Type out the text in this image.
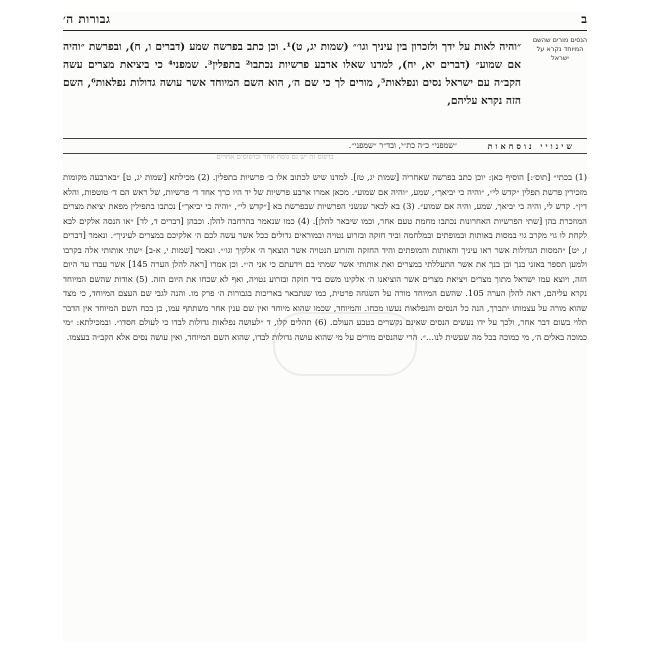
ב
גבורות ה׳
הנסים מורים שהשם המיוחד נקרא על ישראל

״והיה לאות על ידך ולזכרון בין עיניך וגו׳״ (שמות יג, ט)¹. וכן כתב בפרשה שמע (דברים ו, ח), ובפרשת ״והיה אם שמוע״ (דברים יא, יח), למדנו שאלו ארבע פרשיות נכתבו² בתפלין³. שמפני⁴ כי ביציאת מצרים עשה הקב״ה עם ישראל נסים ונפלאות⁵, מורים לך כי שם ה׳, הוא השם המיוחד אשר עושה גדולות נפלאות⁶, השם הזה נקרא עליהם,

שינויי נוסחאות
״שמפני״ כ״ה כת״י, ובד״ר ״שמפני״.
בדפוס זה יש גם נוסח אחר ובדפוסים אחרים

(1) בכתי״ [תוס׳:] הוסיף כאן: יוכן כתב בפרשה שאחריה [שמות יג, טז]. למדנו שיש לכתוב אלו ב׳ פרשיות בתפלין. (2) מכילתא [שמות יג, ט] ״בארבעה מקומות מזכירין פרשת תפלין ״קדש לי״, ״והיה כי יביאך״, שמע, ״והיה אם שמוע״. מכאן אמרו ארבע פרשיות של יד היו כרך אחד ד׳ פרשיות, של ראש הם ד׳ טוטפות, והלא דין״. קדש לי, והיה כי יביאך, שמע, והיה אם שמוע״. (3) בא לבאר שנשני הפרשיות שבפרשת בא [״קדש לי״, ״והיה כי יביאך״] נכתבו בתפילין מפאת יציאת מצרים המוזכרת בהן [שתי הפרשיות האחרונות נכתבו מחמת טעם אחר, וכמו שיבאר להלן]. (4) כמו שנאמר בהרחבה להלן. וכבהן [דברים ד, לד] ״או הנסה אלקים לבא לקחת לו גוי מקרב גוי במסות באותות ובמופתים ובמלחמה וביד חזקה ובזרוע נטויה ובמוראים גדולים ככל אשר עשה לכם ה׳ אלקיכם במצרים לעיניך״. ונאמר [דברים ז, יט] ״המסות הגדולות אשר ראו עיניך והאותות והמופתים והיד החזקה והזרוע הנטויה אשר הוצאך ה׳ אלקיך וגו׳״. ונאמר [שמות י, א-ב] ״שתי אותותי אלה בקרבו ולמען תספר באזני בנך ובן בנך את אשר התעללתי במצרים ואת אותותי אשר שמתי בם וידעתם כי אני ה׳״. וכן אמרו [ראה להלן הערה 145] אשר עבדו עד היום הזה, ויוצא עמו ישראל מתוך מצרים ויציאת מצרים אשר הוציאנו ה׳ אלקינו משם ביד חזקה ובזרוע נטויה, ואף לא שכחו את היום הזה. (5) אודות שהשם המיוחד נקרא עליהם, ראה להלן הערה 105. שהשם המיוחד מורה על השגחה פרטית, כמו שנתבאר באריכות בגבורות ה׳ פרק מו. והנה לגבי שם העצם המיוחד, כי מצד שהוא מורה על עצמותו יתברך, הנה כל הנסים והנפלאות נעשו מכחו. והמיוחד, שכמו שהוא מיוחד ואין שם ענין אחר משתתף עמו, כן בכח השם המיוחד אין הדבר תלוי בשום דבר אחר, ולכך על ידו נעשים הנסים שאינם נקשרים בטבע העולם. (6) תהלים קלו, ד ״לעושה נפלאות גדולות לבדו כי לעולם חסדו״. ובמכילתא: ״מי כמוכה באלים ה׳, מי כמוכה בכל מה שעשית לנו...״. הרי שהנסים מורים על מי שהוא עושה גדולות לבדו, שהוא השם המיוחד, ואין עושה נסים אלא הקב״ה בעצמו.
